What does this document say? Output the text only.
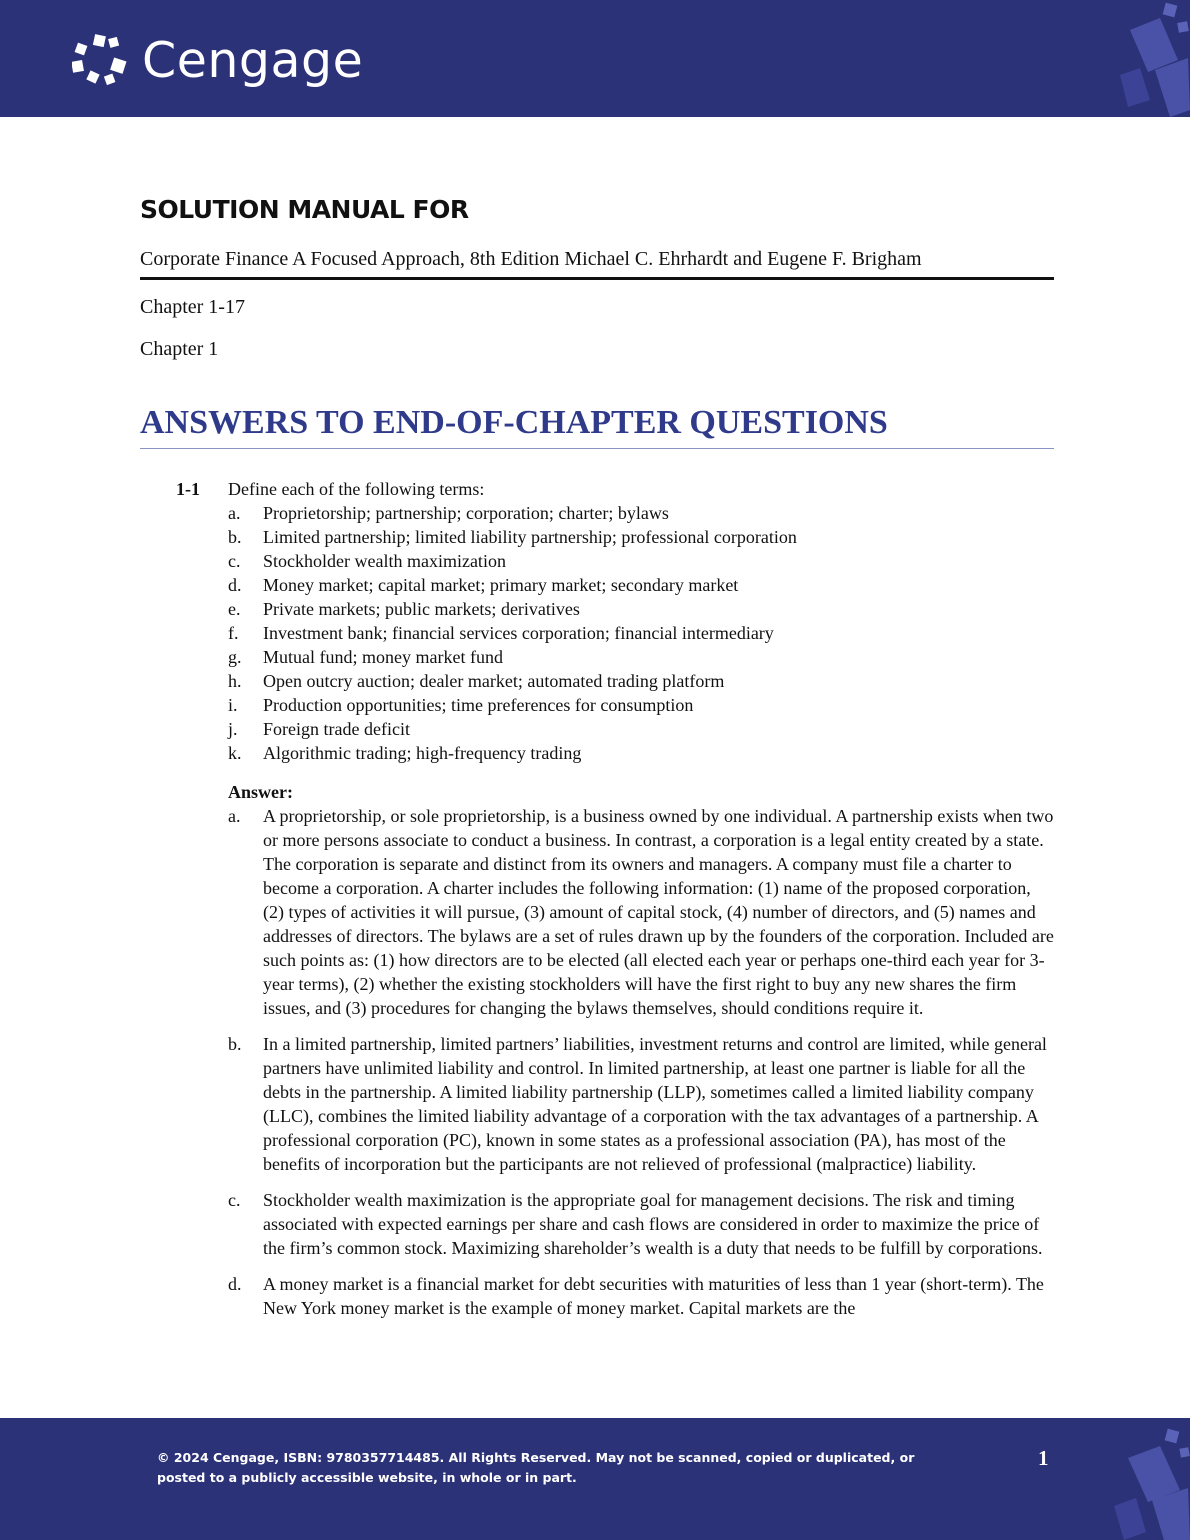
Cengage
SOLUTION MANUAL FOR
Corporate Finance A Focused Approach, 8th Edition Michael C. Ehrhardt and Eugene F. Brigham
Chapter 1-17
Chapter 1
ANSWERS TO END-OF-CHAPTER QUESTIONS
1-1 Define each of the following terms:
a. Proprietorship; partnership; corporation; charter; bylaws
b. Limited partnership; limited liability partnership; professional corporation
c. Stockholder wealth maximization
d. Money market; capital market; primary market; secondary market
e. Private markets; public markets; derivatives
f. Investment bank; financial services corporation; financial intermediary
g. Mutual fund; money market fund
h. Open outcry auction; dealer market; automated trading platform
i. Production opportunities; time preferences for consumption
j. Foreign trade deficit
k. Algorithmic trading; high-frequency trading
Answer:
a. A proprietorship, or sole proprietorship, is a business owned by one individual. A partnership exists when two or more persons associate to conduct a business. In contrast, a corporation is a legal entity created by a state. The corporation is separate and distinct from its owners and managers. A company must file a charter to become a corporation. A charter includes the following information: (1) name of the proposed corporation, (2) types of activities it will pursue, (3) amount of capital stock, (4) number of directors, and (5) names and addresses of directors. The bylaws are a set of rules drawn up by the founders of the corporation. Included are such points as: (1) how directors are to be elected (all elected each year or perhaps one-third each year for 3-year terms), (2) whether the existing stockholders will have the first right to buy any new shares the firm issues, and (3) procedures for changing the bylaws themselves, should conditions require it.
b. In a limited partnership, limited partners’ liabilities, investment returns and control are limited, while general partners have unlimited liability and control. In limited partnership, at least one partner is liable for all the debts in the partnership. A limited liability partnership (LLP), sometimes called a limited liability company (LLC), combines the limited liability advantage of a corporation with the tax advantages of a partnership. A professional corporation (PC), known in some states as a professional association (PA), has most of the benefits of incorporation but the participants are not relieved of professional (malpractice) liability.
c. Stockholder wealth maximization is the appropriate goal for management decisions. The risk and timing associated with expected earnings per share and cash flows are considered in order to maximize the price of the firm’s common stock. Maximizing shareholder’s wealth is a duty that needs to be fulfill by corporations.
d. A money market is a financial market for debt securities with maturities of less than 1 year (short-term). The New York money market is the example of money market. Capital markets are the
© 2024 Cengage, ISBN: 9780357714485. All Rights Reserved. May not be scanned, copied or duplicated, or posted to a publicly accessible website, in whole or in part.
1
